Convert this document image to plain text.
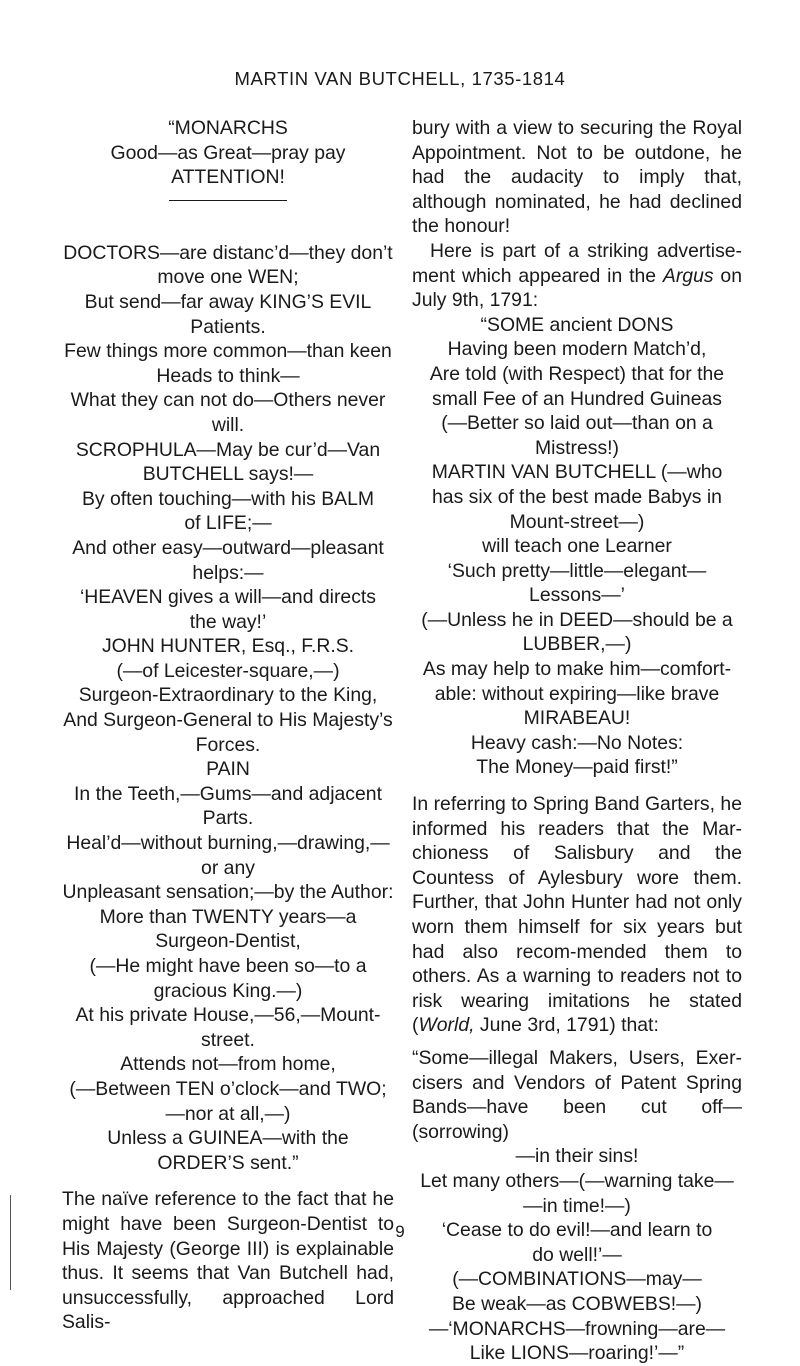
MARTIN VAN BUTCHELL, 1735-1814
“MONARCHS
Good—as Great—pray pay
ATTENTION!
DOCTORS—are distanc’d—they don’t
move one WEN;
But send—far away KING’S EVIL
Patients.
Few things more common—than keen
Heads to think—
What they can not do—Others never
will.
SCROPHULA—May be cur’d—Van
BUTCHELL says!—
By often touching—with his BALM
of LIFE;—
And other easy—outward—pleasant
helps:—
‘HEAVEN gives a will—and directs
the way!’
JOHN HUNTER, Esq., F.R.S.
(—of Leicester-square,—)
Surgeon-Extraordinary to the King,
And Surgeon-General to His Majesty’s
Forces.
PAIN
In the Teeth,—Gums—and adjacent
Parts.
Heal’d—without burning,—drawing,—
or any
Unpleasant sensation;—by the Author:
More than TWENTY years—a
Surgeon-Dentist,
(—He might have been so—to a
gracious King.—)
At his private House,—56,—Mount-
street.
Attends not—from home,
(—Between TEN o’clock—and TWO;
—nor at all,—)
Unless a GUINEA—with the
ORDER’S sent.”

The naïve reference to the fact that he might have been Surgeon-Dentist to His Majesty (George III) is explainable thus. It seems that Van Butchell had, unsuccessfully, approached Lord Salis-

bury with a view to securing the Royal Appointment. Not to be outdone, he had the audacity to imply that, although nominated, he had declined the honour!

Here is part of a striking advertise-ment which appeared in the Argus on July 9th, 1791:

“SOME ancient DONS
Having been modern Match’d,
Are told (with Respect) that for the
small Fee of an Hundred Guineas
(—Better so laid out—than on a
Mistress!)
MARTIN VAN BUTCHELL (—who
has six of the best made Babys in
Mount-street—)
will teach one Learner
‘Such pretty—little—elegant—
Lessons—’
(—Unless he in DEED—should be a
LUBBER,—)
As may help to make him—comfort-
able: without expiring—like brave
MIRABEAU!
Heavy cash:—No Notes:
The Money—paid first!”

In referring to Spring Band Garters, he informed his readers that the Mar-chioness of Salisbury and the Countess of Aylesbury wore them. Further, that John Hunter had not only worn them himself for six years but had also recom-mended them to others. As a warning to readers not to risk wearing imitations he stated (World, June 3rd, 1791) that:

“Some—illegal Makers, Users, Exer-cisers and Vendors of Patent Spring Bands—have been cut off—(sorrowing)

—in their sins!
Let many others—(—warning take—
—in time!—)
‘Cease to do evil!—and learn to
do well!’—
(—COMBINATIONS—may—
Be weak—as COBWEBS!—)
—‘MONARCHS—frowning—are—
Like LIONS—roaring!’—”
9
